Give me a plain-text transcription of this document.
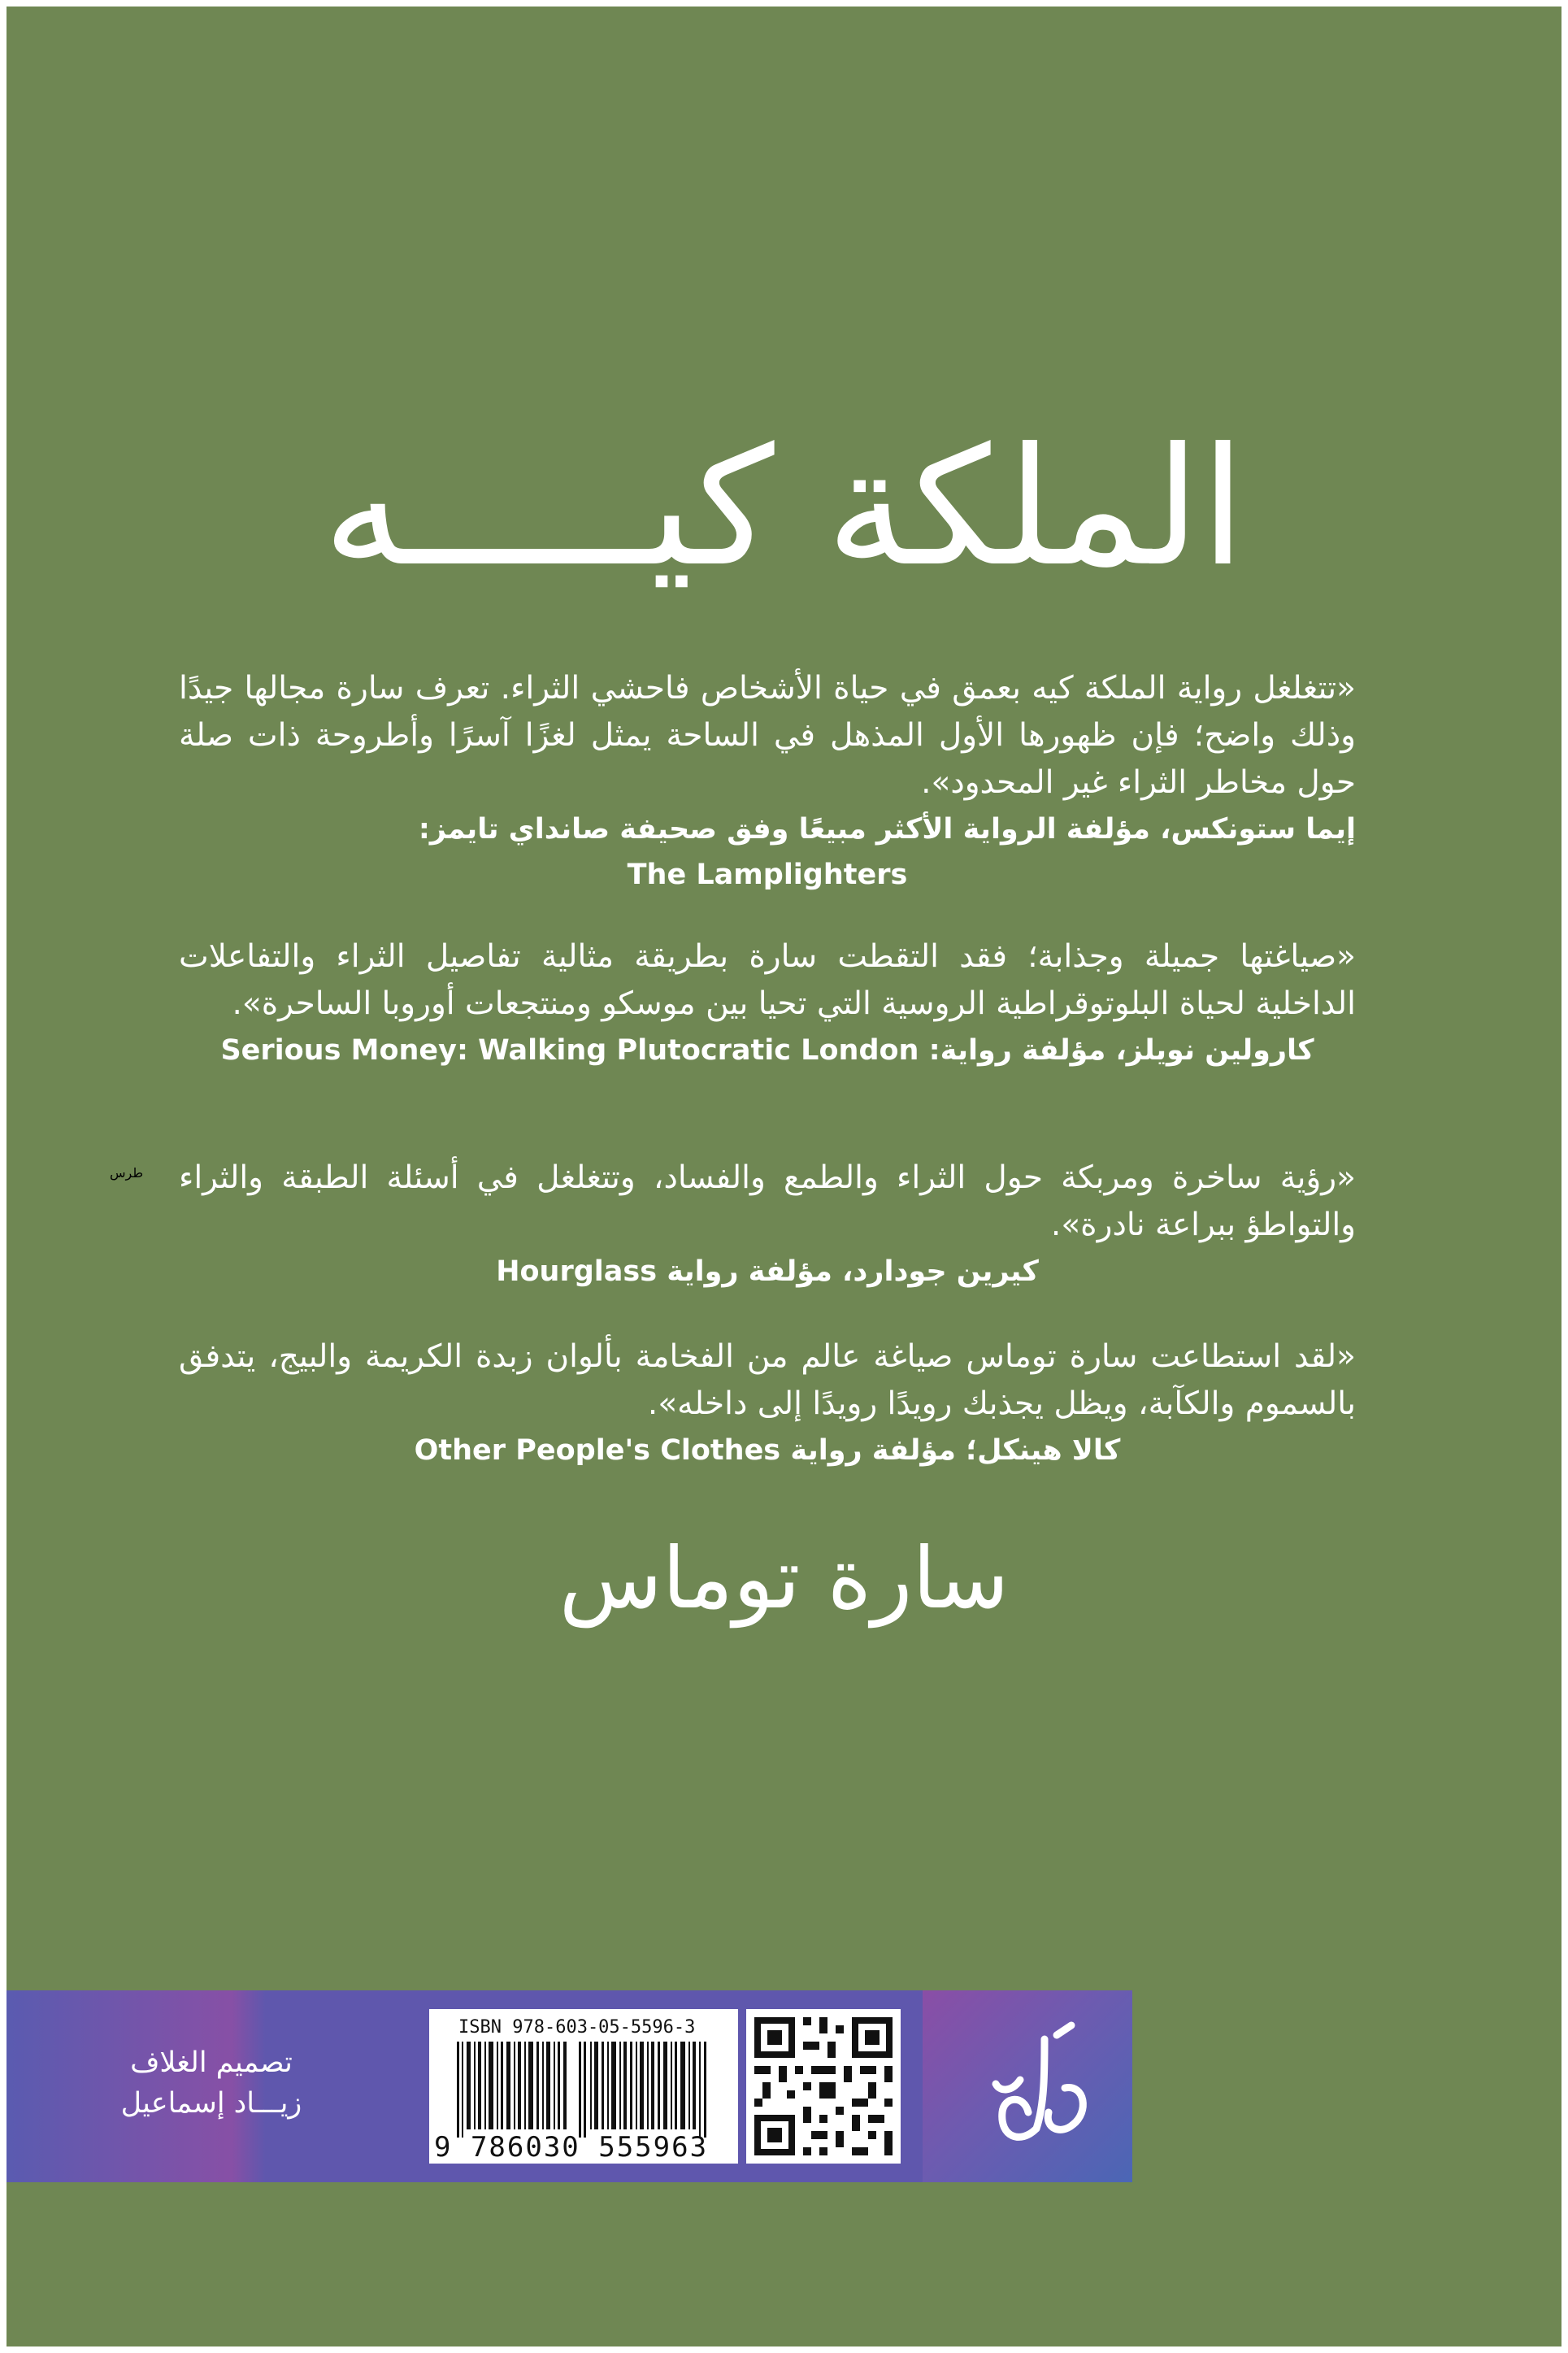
الملكة كيـــــه
«تتغلغل رواية الملكة كيه بعمق في حياة الأشخاص فاحشي الثراء. تعرف سارة مجالها جيدًا وذلك واضح؛ فإن ظهورها الأول المذهل في الساحة يمثل لغزًا آسرًا وأطروحة ذات صلة حول مخاطر الثراء غير المحدود».
إيما ستونكس، مؤلفة الرواية الأكثر مبيعًا وفق صحيفة صانداي تايمز:
The Lamplighters
«صياغتها جميلة وجذابة؛ فقد التقطت سارة بطريقة مثالية تفاصيل الثراء والتفاعلات الداخلية لحياة البلوتوقراطية الروسية التي تحيا بين موسكو ومنتجعات أوروبا الساحرة».
كارولين نويلز، مؤلفة رواية: Serious Money: Walking Plutocratic London
«رؤية ساخرة ومربكة حول الثراء والطمع والفساد، وتتغلغل في أسئلة الطبقة والثراء والتواطؤ ببراعة نادرة».
كيرين جودارد، مؤلفة رواية Hourglass
«لقد استطاعت سارة توماس صياغة عالم من الفخامة بألوان زبدة الكريمة والبيج، يتدفق بالسموم والكآبة، ويظل يجذبك رويدًا رويدًا إلى داخله».
كالا هينكل؛ مؤلفة رواية Other People's Clothes
سارة توماس
تصميم الغلاف
زيـــاد إسماعيل
ISBN 978-603-05-5596-3
9 786030 555963
طرس
